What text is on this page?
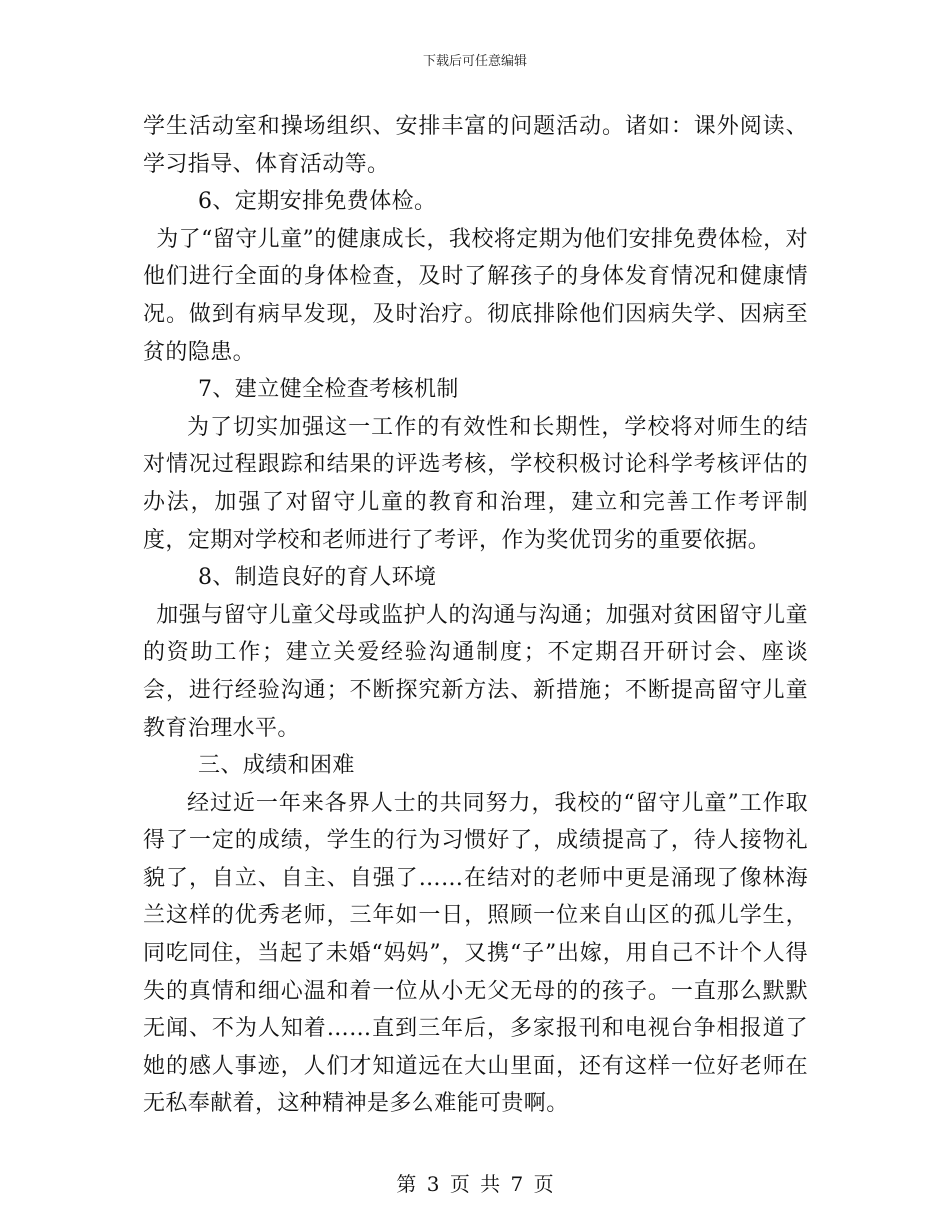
下载后可任意编辑

学生活动室和操场组织、安排丰富的问题活动。诸如：课外阅读、学习指导、体育活动等。

6、定期安排免费体检。

为了“留守儿童”的健康成长，我校将定期为他们安排免费体检，对他们进行全面的身体检查，及时了解孩子的身体发育情况和健康情况。做到有病早发现，及时治疗。彻底排除他们因病失学、因病至贫的隐患。

7、建立健全检查考核机制

为了切实加强这一工作的有效性和长期性，学校将对师生的结对情况过程跟踪和结果的评选考核，学校积极讨论科学考核评估的办法，加强了对留守儿童的教育和治理，建立和完善工作考评制度，定期对学校和老师进行了考评，作为奖优罚劣的重要依据。

8、制造良好的育人环境

加强与留守儿童父母或监护人的沟通与沟通；加强对贫困留守儿童的资助工作；建立关爱经验沟通制度；不定期召开研讨会、座谈会，进行经验沟通；不断探究新方法、新措施；不断提高留守儿童教育治理水平。

三、成绩和困难

经过近一年来各界人士的共同努力，我校的“留守儿童”工作取得了一定的成绩，学生的行为习惯好了，成绩提高了，待人接物礼貌了，自立、自主、自强了……在结对的老师中更是涌现了像林海兰这样的优秀老师，三年如一日，照顾一位来自山区的孤儿学生，同吃同住，当起了未婚“妈妈”，又携“子”出嫁，用自己不计个人得失的真情和细心温和着一位从小无父无母的的孩子。一直那么默默无闻、不为人知着……直到三年后，多家报刊和电视台争相报道了她的感人事迹，人们才知道远在大山里面，还有这样一位好老师在无私奉献着，这种精神是多么难能可贵啊。

第 3 页 共 7 页
